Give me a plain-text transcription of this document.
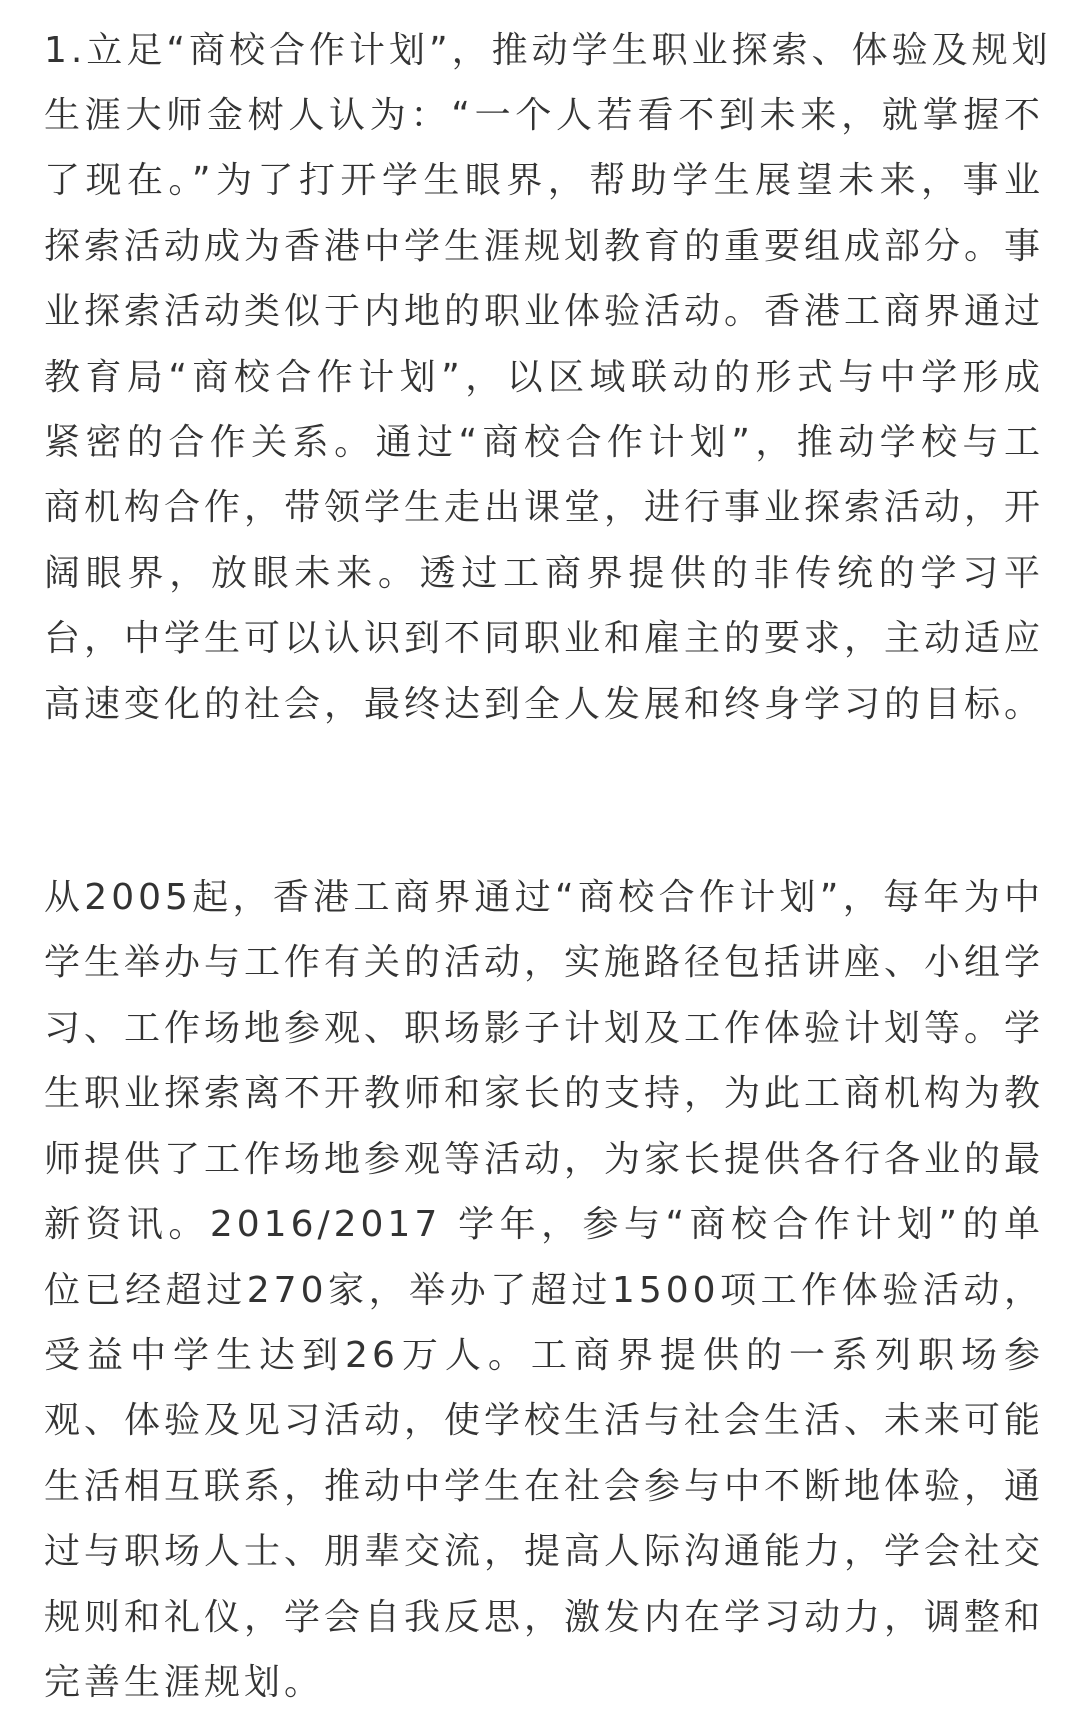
1.立足“商校合作计划”，推动学生职业探索、体验及规划

生涯大师金树人认为：“一个人若看不到未来，就掌握不了现在。”为了打开学生眼界，帮助学生展望未来，事业探索活动成为香港中学生涯规划教育的重要组成部分。事业探索活动类似于内地的职业体验活动。香港工商界通过教育局“商校合作计划”，以区域联动的形式与中学形成紧密的合作关系。通过“商校合作计划”，推动学校与工商机构合作，带领学生走出课堂，进行事业探索活动，开阔眼界，放眼未来。透过工商界提供的非传统的学习平台，中学生可以认识到不同职业和雇主的要求，主动适应高速变化的社会，最终达到全人发展和终身学习的目标。

从2005起，香港工商界通过“商校合作计划”，每年为中学生举办与工作有关的活动，实施路径包括讲座、小组学习、工作场地参观、职场影子计划及工作体验计划等。学生职业探索离不开教师和家长的支持，为此工商机构为教师提供了工作场地参观等活动，为家长提供各行各业的最新资讯。2016/2017 学年，参与“商校合作计划”的单位已经超过270家，举办了超过1500项工作体验活动，受益中学生达到26万人。工商界提供的一系列职场参观、体验及见习活动，使学校生活与社会生活、未来可能生活相互联系，推动中学生在社会参与中不断地体验，通过与职场人士、朋辈交流，提高人际沟通能力，学会社交规则和礼仪，学会自我反思，激发内在学习动力，调整和完善生涯规划。
